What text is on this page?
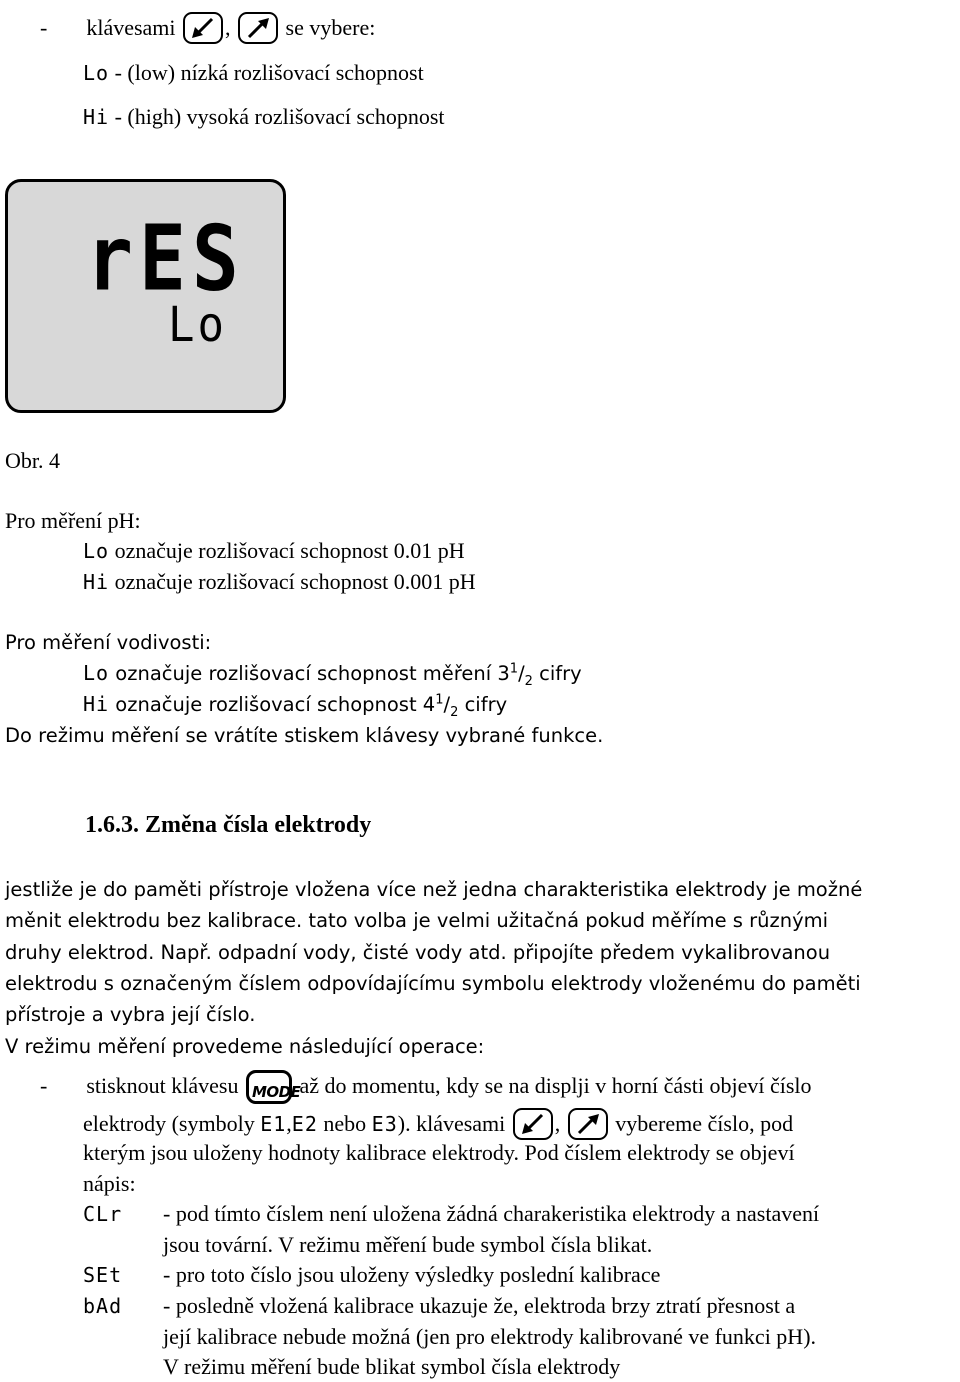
- klávesami ,	se vybere:
Lo - (low) nízká rozlišovací schopnost
Hi - (high) vysoká rozlišovací schopnost
rES
Lo
Obr. 4
Pro měření pH:
Lo označuje rozlišovací schopnost 0.01 pH
Hi označuje rozlišovací schopnost 0.001 pH
Pro měření vodivosti:
Lo označuje rozlišovací schopnost měření $3^1/_2$ cifry
Hi označuje rozlišovací schopnost $4^1/_2$ cifry
Do režimu měření se vrátíte stiskem klávesy vybrané funkce.
1.6.3. Změna čísla elektrody
jestliže je do paměti přístroje vložena více než jedna charakteristika elektrody je možné
měnit elektrodu bez kalibrace. tato volba je velmi užitačná pokud měříme s různými
druhy elektrod. Např. odpadní vody, čisté vody atd. připojíte předem vykalibrovanou
elektrodu s označeným číslem odpovídajícímu symbolu elektrody vloženému do paměti
přístroje a vybra její číslo.
V režimu měření provedeme následující operace:
- stisknout klávesu MODE až do momentu, kdy se na displji v horní části objeví číslo
elektrody (symboly E1,E2 nebo E3). klávesami ,	vybereme číslo, pod
kterým jsou uloženy hodnoty kalibrace elektrody. Pod číslem elektrody se objeví
nápis:
CLr - pod tímto číslem není uložena žádná charakeristika elektrody a nastavení
jsou tovární. V režimu měření bude symbol čísla blikat.
SEt - pro toto číslo jsou uloženy výsledky poslední kalibrace
bAd - posledně vložená kalibrace ukazuje že, elektroda brzy ztratí přesnost a
její kalibrace nebude možná (jen pro elektrody kalibrované ve funkci pH).
V režimu měření bude blikat symbol čísla elektrody
